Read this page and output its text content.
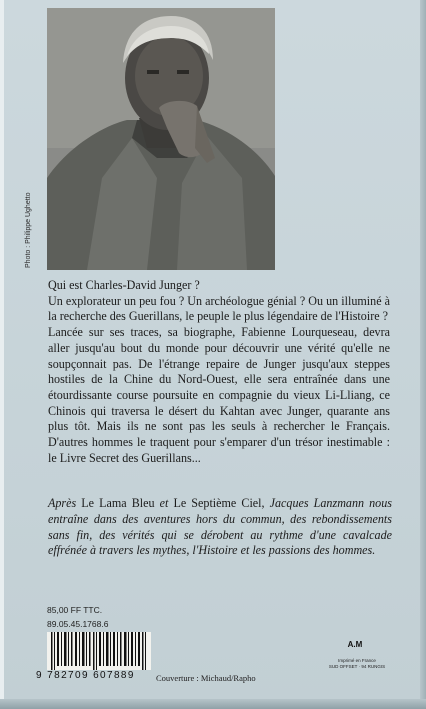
Photo : Philippe Ughetto

Qui est Charles-David Junger ?

Un explorateur un peu fou ? Un archéologue génial ? Ou un illuminé à la recherche des Guerillans, le peuple le plus légendaire de l'Histoire ?

Lancée sur ses traces, sa biographe, Fabienne Lourqueseau, devra aller jusqu'au bout du monde pour découvrir une vérité qu'elle ne soupçonnait pas. De l'étrange repaire de Junger jusqu'aux steppes hostiles de la Chine du Nord-Ouest, elle sera entraînée dans une étourdissante course poursuite en compagnie du vieux Li-Lliang, ce Chinois qui traversa le désert du Kahtan avec Junger, quarante ans plus tôt. Mais ils ne sont pas les seuls à rechercher le Français. D'autres hommes le traquent pour s'emparer d'un trésor inestimable : le Livre Secret des Guerillans...

Après Le Lama Bleu et Le Septième Ciel, Jacques Lanzmann nous entraîne dans des aventures hors du commun, des rebondissements sans fin, des vérités qui se dérobent au rythme d'une cavalcade effrénée à travers les mythes, l'Histoire et les passions des hommes.
85,00 FF TTC.
89.05.45.1768.6
9 782709 607889 Couverture : Michaud/Rapho
A.M
Imprimé en France
SUD OFFSET · 94 RUNGIS
